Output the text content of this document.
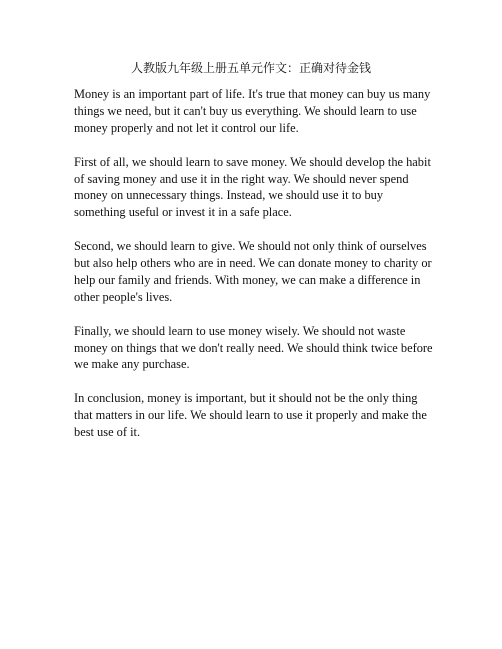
人教版九年级上册五单元作文：正确对待金钱

Money is an important part of life. It's true that money can buy us many things we need, but it can't buy us everything. We should learn to use money properly and not let it control our life.

First of all, we should learn to save money. We should develop the habit of saving money and use it in the right way. We should never spend money on unnecessary things. Instead, we should use it to buy something useful or invest it in a safe place.

Second, we should learn to give. We should not only think of ourselves but also help others who are in need. We can donate money to charity or help our family and friends. With money, we can make a difference in other people's lives.

Finally, we should learn to use money wisely. We should not waste money on things that we don't really need. We should think twice before we make any purchase.

In conclusion, money is important, but it should not be the only thing that matters in our life. We should learn to use it properly and make the best use of it.
